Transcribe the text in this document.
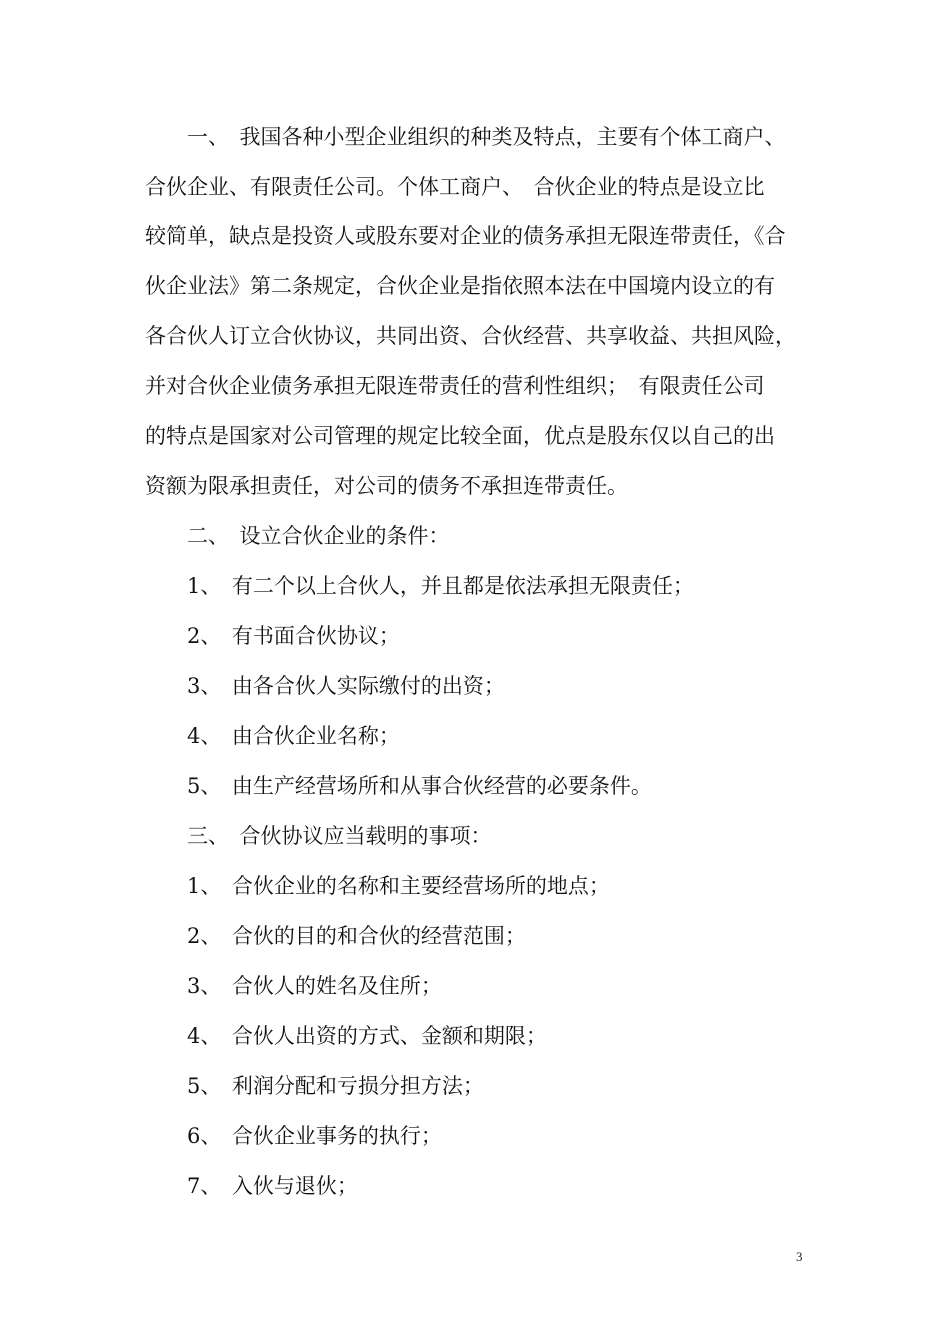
　　一、　我国各种小型企业组织的种类及特点，主要有个体工商户、
合伙企业、有限责任公司。个体工商户、　合伙企业的特点是设立比
较简单，缺点是投资人或股东要对企业的债务承担无限连带责任，《合
伙企业法》第二条规定，合伙企业是指依照本法在中国境内设立的有
各合伙人订立合伙协议，共同出资、合伙经营、共享收益、共担风险，
并对合伙企业债务承担无限连带责任的营利性组织；　有限责任公司
的特点是国家对公司管理的规定比较全面，优点是股东仅以自己的出
资额为限承担责任，对公司的债务不承担连带责任。
　　二、　设立合伙企业的条件：
　　1、　有二个以上合伙人，并且都是依法承担无限责任；
　　2、　有书面合伙协议；
　　3、　由各合伙人实际缴付的出资；
　　4、　由合伙企业名称；
　　5、　由生产经营场所和从事合伙经营的必要条件。
　　三、　合伙协议应当载明的事项：
　　1、　合伙企业的名称和主要经营场所的地点；
　　2、　合伙的目的和合伙的经营范围；
　　3、　合伙人的姓名及住所；
　　4、　合伙人出资的方式、金额和期限；
　　5、　利润分配和亏损分担方法；
　　6、　合伙企业事务的执行；
　　7、　入伙与退伙；
3
